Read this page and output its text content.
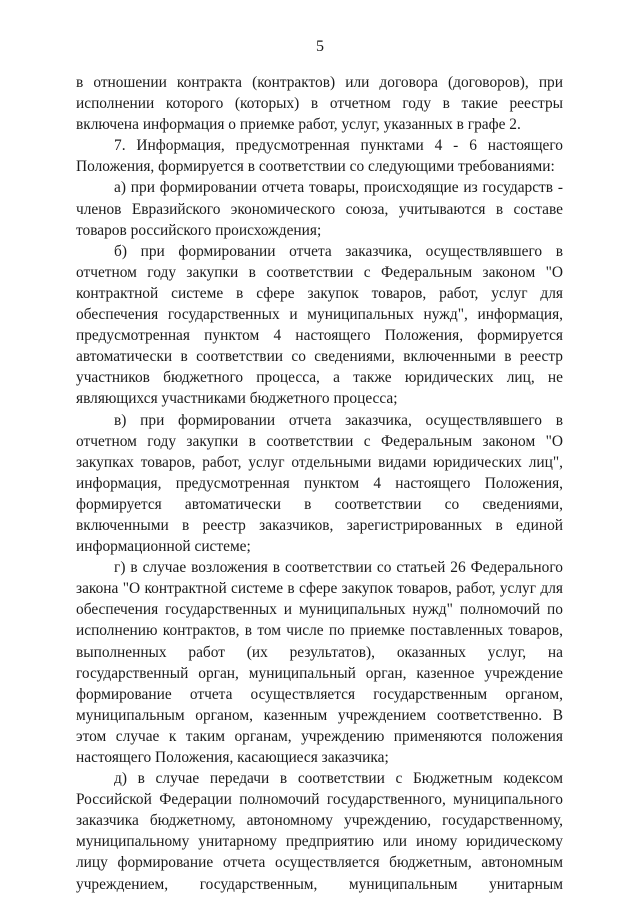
5

в отношении контракта (контрактов) или договора (договоров), при исполнении которого (которых) в отчетном году в такие реестры включена информация о приемке работ, услуг, указанных в графе 2.

7. Информация, предусмотренная пунктами 4 - 6 настоящего Положения, формируется в соответствии со следующими требованиями:

а) при формировании отчета товары, происходящие из государств - членов Евразийского экономического союза, учитываются в составе товаров российского происхождения;

б) при формировании отчета заказчика, осуществлявшего в отчетном году закупки в соответствии с Федеральным законом "О контрактной системе в сфере закупок товаров, работ, услуг для обеспечения государственных и муниципальных нужд", информация, предусмотренная пунктом 4 настоящего Положения, формируется автоматически в соответствии со сведениями, включенными в реестр участников бюджетного процесса, а также юридических лиц, не являющихся участниками бюджетного процесса;

в) при формировании отчета заказчика, осуществлявшего в отчетном году закупки в соответствии с Федеральным законом "О закупках товаров, работ, услуг отдельными видами юридических лиц", информация, предусмотренная пунктом 4 настоящего Положения, формируется автоматически в соответствии со сведениями, включенными в реестр заказчиков, зарегистрированных в единой информационной системе;

г) в случае возложения в соответствии со статьей 26 Федерального закона "О контрактной системе в сфере закупок товаров, работ, услуг для обеспечения государственных и муниципальных нужд" полномочий по исполнению контрактов, в том числе по приемке поставленных товаров, выполненных работ (их результатов), оказанных услуг, на государственный орган, муниципальный орган, казенное учреждение формирование отчета осуществляется государственным органом, муниципальным органом, казенным учреждением соответственно. В этом случае к таким органам, учреждению применяются положения настоящего Положения, касающиеся заказчика;

д) в случае передачи в соответствии с Бюджетным кодексом Российской Федерации полномочий государственного, муниципального заказчика бюджетному, автономному учреждению, государственному, муниципальному унитарному предприятию или иному юридическому лицу формирование отчета осуществляется бюджетным, автономным учреждением, государственным, муниципальным унитарным
